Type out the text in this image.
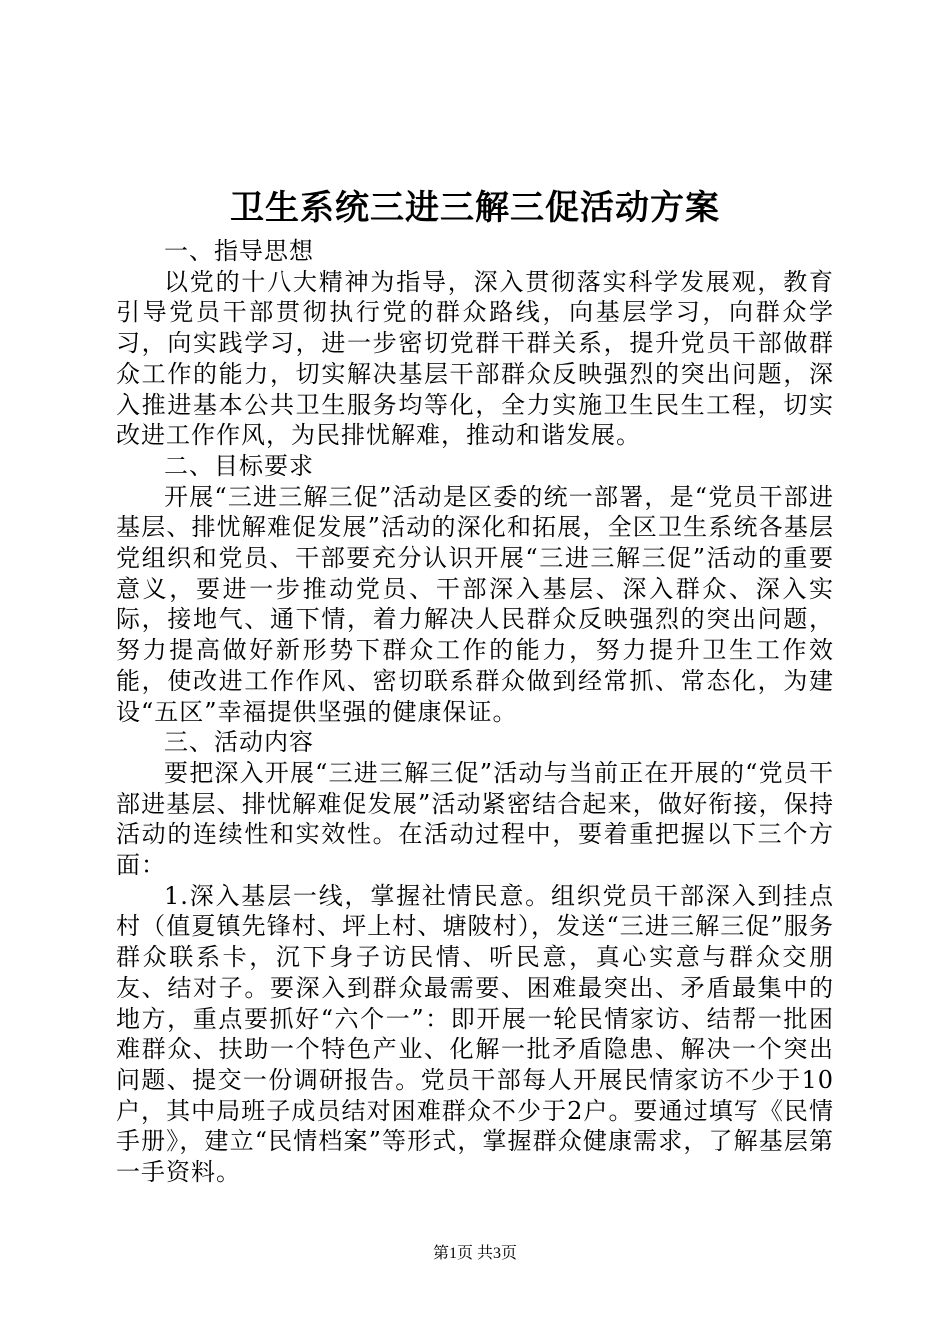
卫生系统三进三解三促活动方案

一、指导思想

以党的十八大精神为指导，深入贯彻落实科学发展观，教育引导党员干部贯彻执行党的群众路线，向基层学习，向群众学习，向实践学习，进一步密切党群干群关系，提升党员干部做群众工作的能力，切实解决基层干部群众反映强烈的突出问题，深入推进基本公共卫生服务均等化，全力实施卫生民生工程，切实改进工作作风，为民排忧解难，推动和谐发展。

二、目标要求

开展“三进三解三促”活动是区委的统一部署，是“党员干部进基层、排忧解难促发展”活动的深化和拓展，全区卫生系统各基层党组织和党员、干部要充分认识开展“三进三解三促”活动的重要意义，要进一步推动党员、干部深入基层、深入群众、深入实际，接地气、通下情，着力解决人民群众反映强烈的突出问题，努力提高做好新形势下群众工作的能力，努力提升卫生工作效能，使改进工作作风、密切联系群众做到经常抓、常态化，为建设“五区”幸福提供坚强的健康保证。

三、活动内容

要把深入开展“三进三解三促”活动与当前正在开展的“党员干部进基层、排忧解难促发展”活动紧密结合起来，做好衔接，保持活动的连续性和实效性。在活动过程中，要着重把握以下三个方面：

1.深入基层一线，掌握社情民意。组织党员干部深入到挂点村（值夏镇先锋村、坪上村、塘陂村），发送“三进三解三促”服务群众联系卡，沉下身子访民情、听民意，真心实意与群众交朋友、结对子。要深入到群众最需要、困难最突出、矛盾最集中的地方，重点要抓好“六个一”：即开展一轮民情家访、结帮一批困难群众、扶助一个特色产业、化解一批矛盾隐患、解决一个突出问题、提交一份调研报告。党员干部每人开展民情家访不少于10户，其中局班子成员结对困难群众不少于2户。要通过填写《民情手册》，建立“民情档案”等形式，掌握群众健康需求，了解基层第一手资料。

第1页 共3页
